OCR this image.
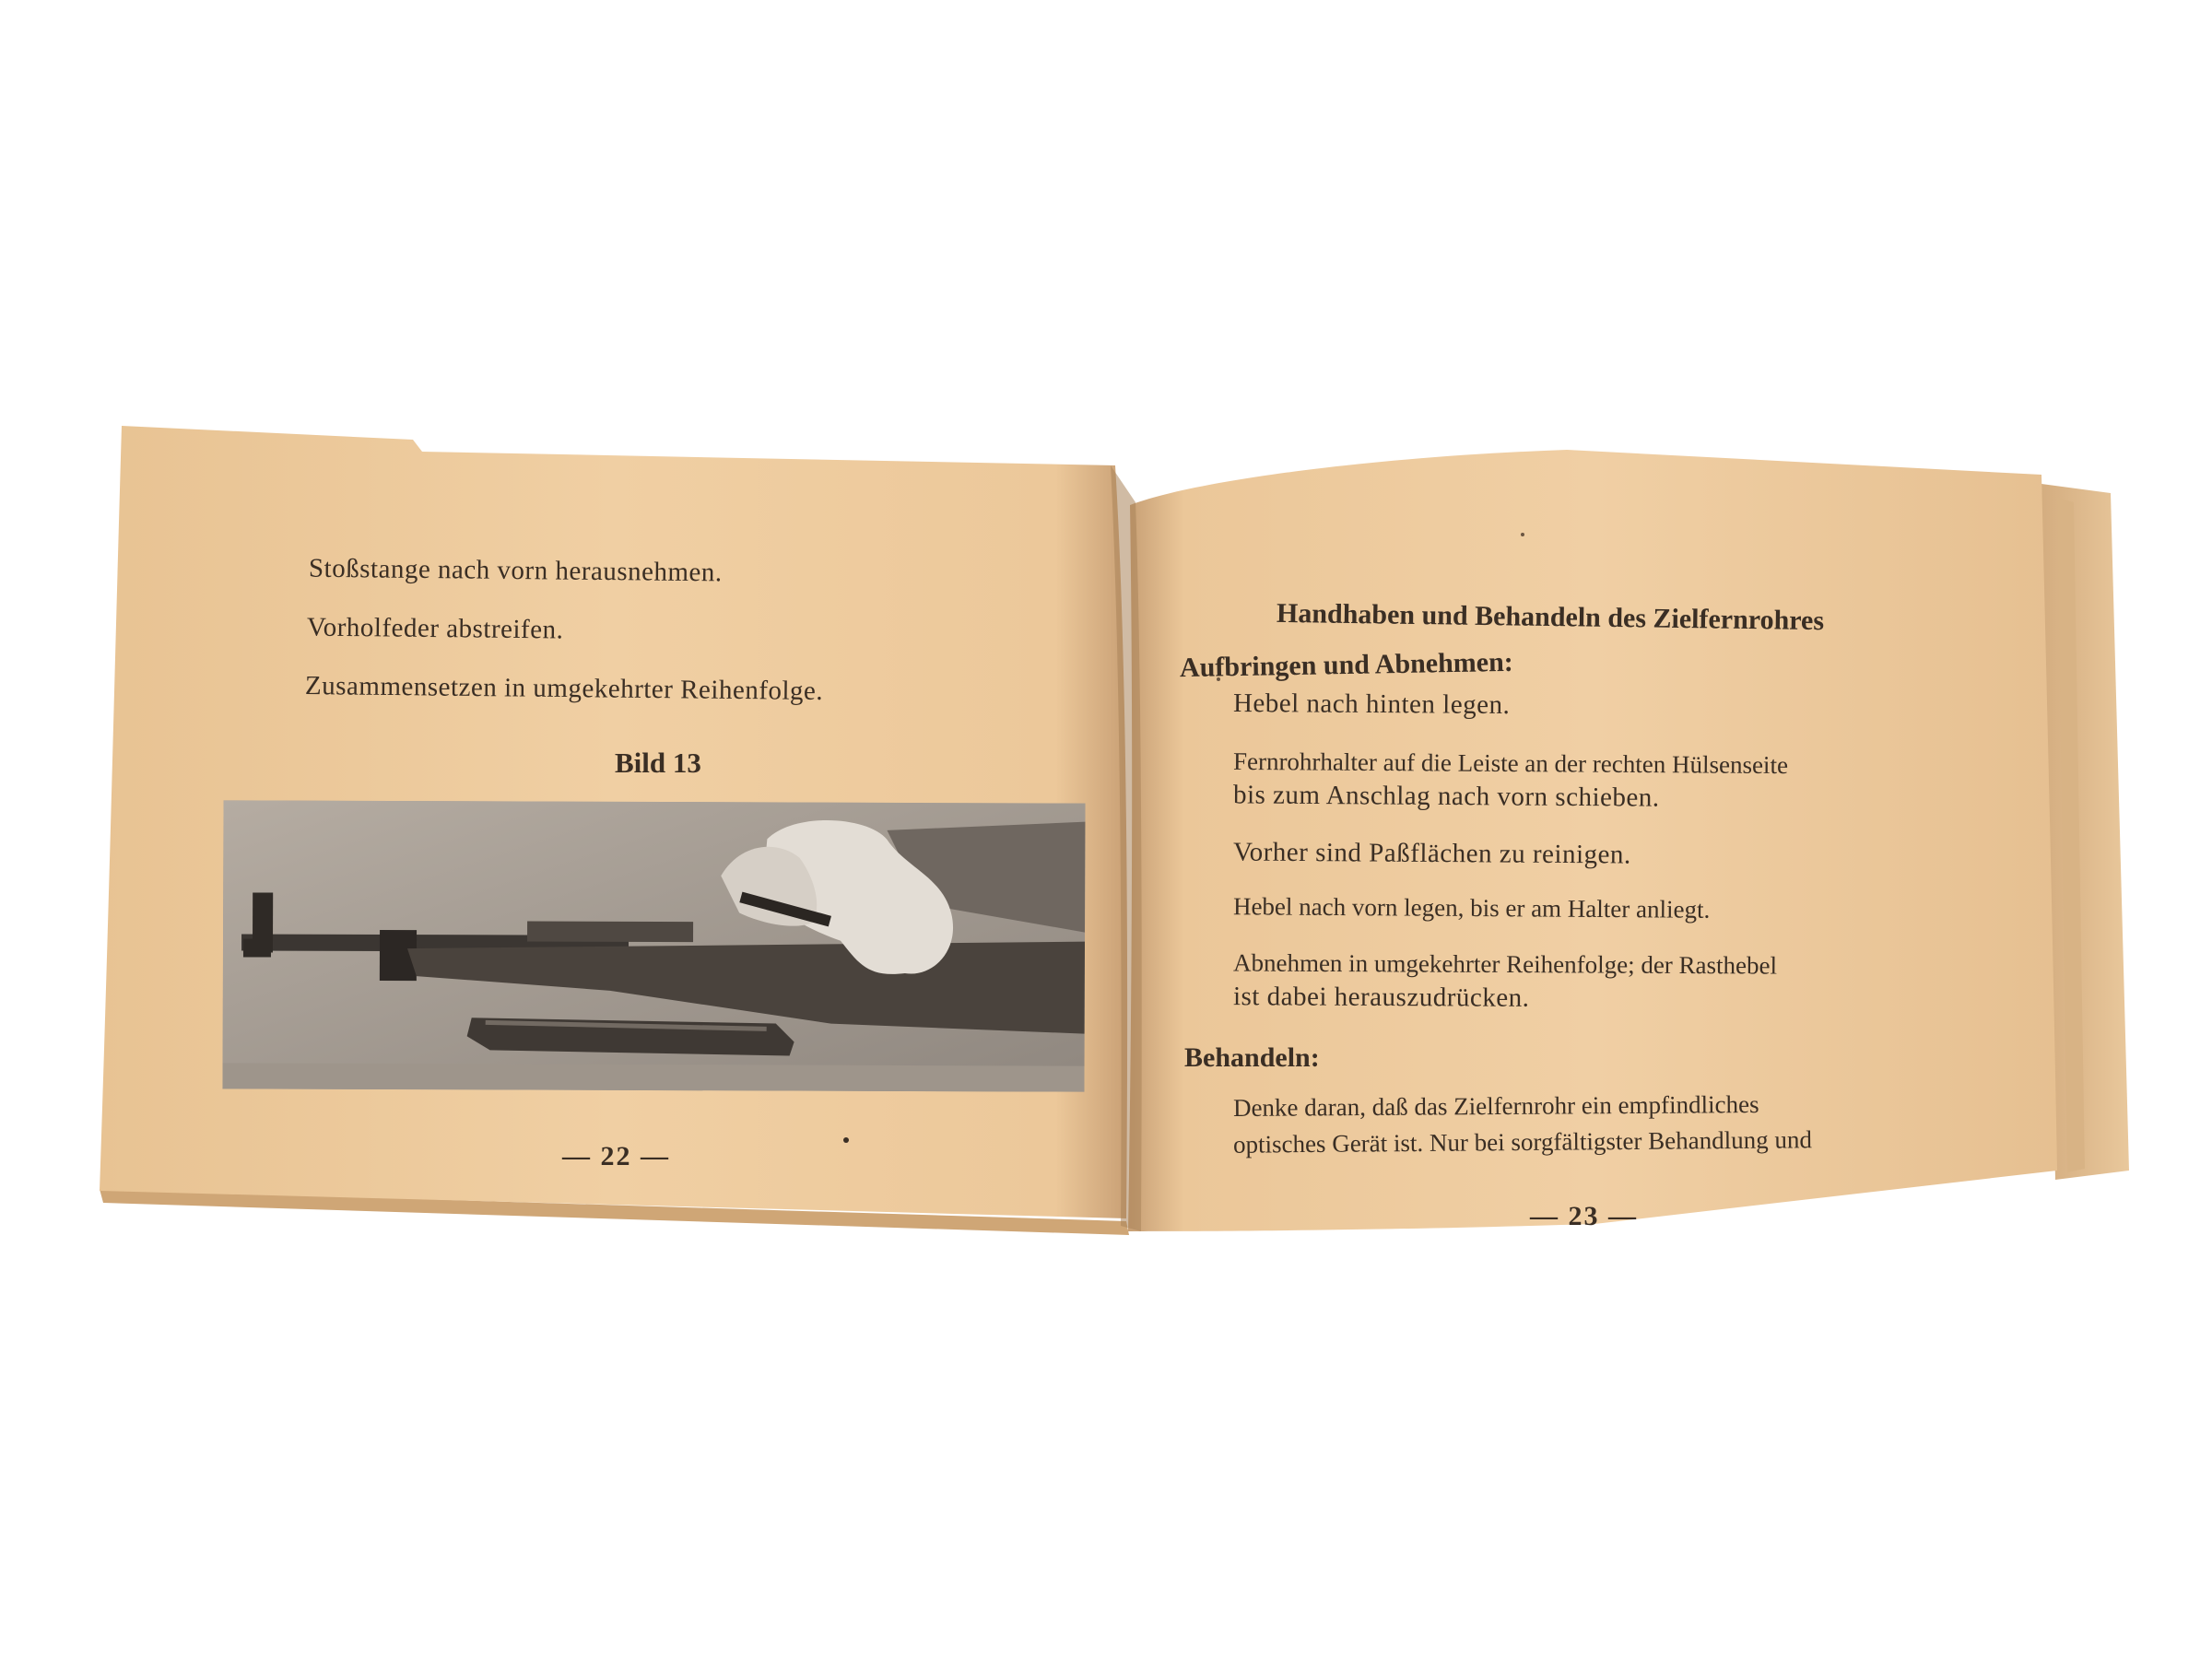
Stoßstange nach vorn herausnehmen.
Vorholfeder abstreifen.
Zusammensetzen in umgekehrter Reihenfolge.
Bild 13
— 22 —
Handhaben und Behandeln des Zielfernrohres
Aufbringen und Abnehmen:
Hebel nach hinten legen.
Fernrohrhalter auf die Leiste an der rechten Hülsenseite
bis zum Anschlag nach vorn schieben.
Vorher sind Paßflächen zu reinigen.
Hebel nach vorn legen, bis er am Halter anliegt.
Abnehmen in umgekehrter Reihenfolge; der Rasthebel
ist dabei herauszudrücken.
Behandeln:
Denke daran, daß das Zielfernrohr ein empfindliches
optisches Gerät ist. Nur bei sorgfältigster Behandlung und
— 23 —
